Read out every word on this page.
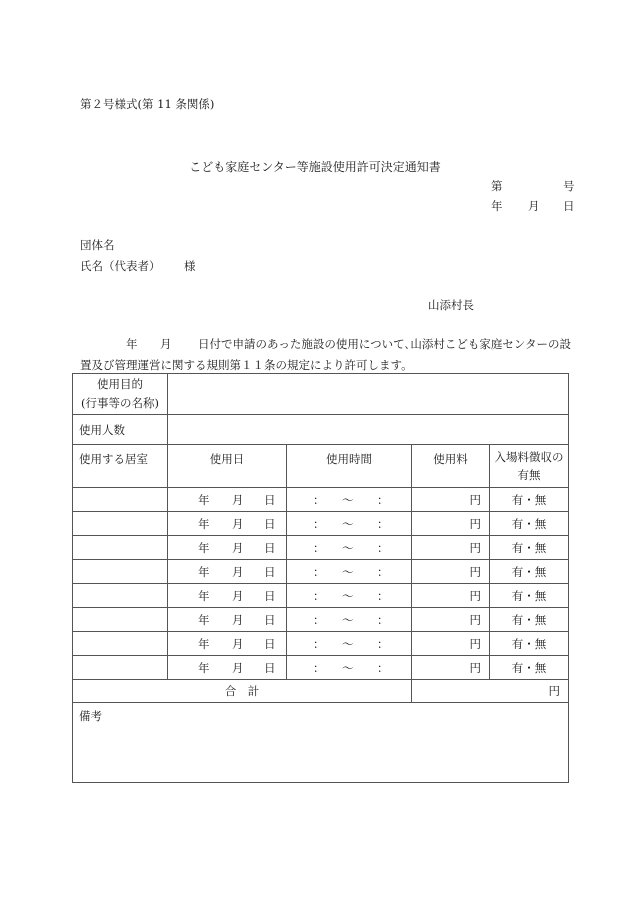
第２号様式(第 11 条関係)
こども家庭センター等施設使用許可決定通知書
第	号
年 月 日
団体名
氏名（代表者） 様
山添村長
年 月 日付で申請のあった施設の使用について､山添村こども家庭センターの設
置及び管理運営に関する規則第１１条の規定により許可します。
使用目的
(行事等の名称)				

使用人数				
使用する居室	使用日	使用時間	使用料	入場料徴収の
有無

	年 月 日	： ～ ：	円	有・無

	年 月 日	： ～ ：	円	有・無

	年 月 日	： ～ ：	円	有・無

	年 月 日	： ～ ：	円	有・無

	年 月 日	： ～ ：	円	有・無

	年 月 日	： ～ ：	円	有・無

	年 月 日	： ～ ：	円	有・無

	年 月 日	： ～ ：	円	有・無
合　計			円	
備考				
